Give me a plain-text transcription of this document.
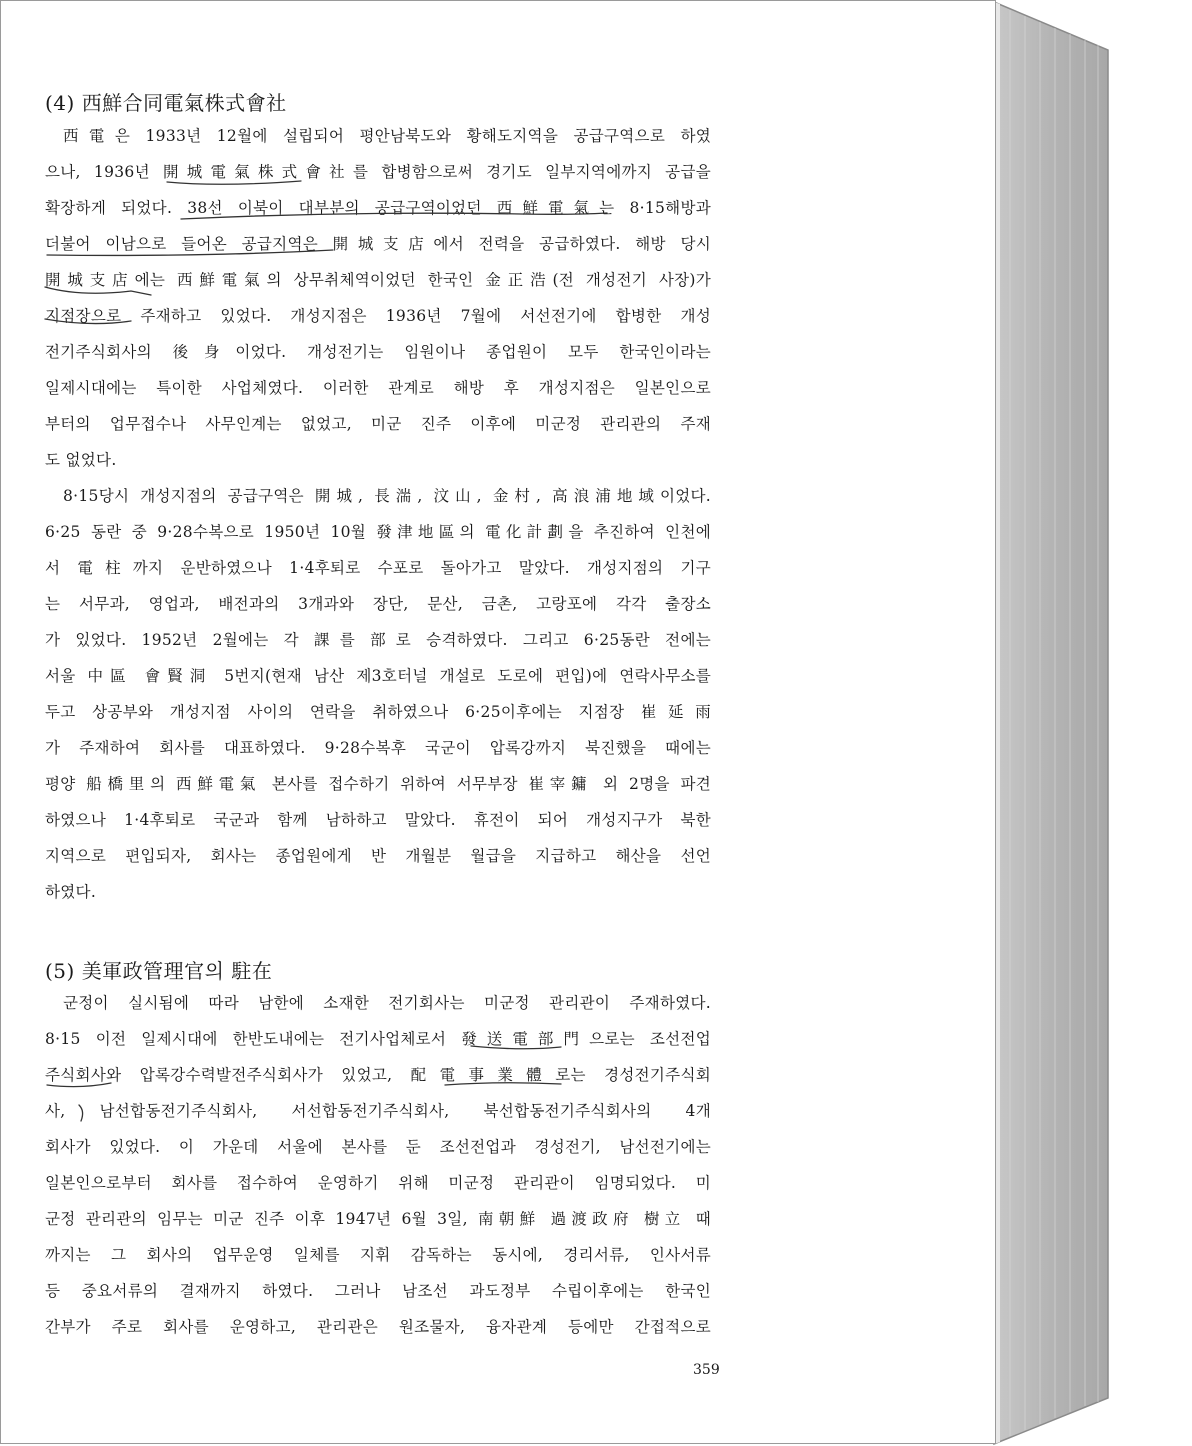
(4) 西鮮合同電氣株式會社
西電은 1933년 12월에 설립되어 평안남북도와 황해도지역을 공급구역으로 하였
으나, 1936년 開城電氣株式會社를 합병함으로써 경기도 일부지역에까지 공급을
확장하게 되었다. 38선 이북이 대부분의 공급구역이었던 西鮮電氣는 8·15해방과
더불어 이남으로 들어온 공급지역은 開城支店에서 전력을 공급하였다. 해방 당시
開城支店에는 西鮮電氣의 상무취체역이었던 한국인 金正浩(전 개성전기 사장)가
지점장으로 주재하고 있었다. 개성지점은 1936년 7월에 서선전기에 합병한 개성
전기주식회사의 後身이었다. 개성전기는 임원이나 종업원이 모두 한국인이라는
일제시대에는 특이한 사업체였다. 이러한 관계로 해방 후 개성지점은 일본인으로
부터의 업무접수나 사무인계는 없었고, 미군 진주 이후에 미군정 관리관의 주재
도 없었다.
8·15당시 개성지점의 공급구역은 開城, 長湍, 汶山, 金村, 高浪浦地域이었다.
6·25 동란 중 9·28수복으로 1950년 10월 發津地區의 電化計劃을 추진하여 인천에
서 電柱까지 운반하였으나 1·4후퇴로 수포로 돌아가고 말았다. 개성지점의 기구
는 서무과, 영업과, 배전과의 3개과와 장단, 문산, 금촌, 고랑포에 각각 출장소
가 있었다. 1952년 2월에는 각 課를 部로 승격하였다. 그리고 6·25동란 전에는
서울 中區 會賢洞 5번지(현재 남산 제3호터널 개설로 도로에 편입)에 연락사무소를
두고 상공부와 개성지점 사이의 연락을 취하였으나 6·25이후에는 지점장 崔延雨
가 주재하여 회사를 대표하였다. 9·28수복후 국군이 압록강까지 북진했을 때에는
평양 船橋里의 西鮮電氣 본사를 접수하기 위하여 서무부장 崔宰鏞 외 2명을 파견
하였으나 1·4후퇴로 국군과 함께 남하하고 말았다. 휴전이 되어 개성지구가 북한
지역으로 편입되자, 회사는 종업원에게 반 개월분 월급을 지급하고 해산을 선언
하였다.
(5) 美軍政管理官의 駐在
군정이 실시됨에 따라 남한에 소재한 전기회사는 미군정 관리관이 주재하였다.
8·15 이전 일제시대에 한반도내에는 전기사업체로서 發送電部門으로는 조선전업
주식회사와 압록강수력발전주식회사가 있었고, 配電事業體로는 경성전기주식회
사, 남선합동전기주식회사, 서선합동전기주식회사, 북선합동전기주식회사의 4개
회사가 있었다. 이 가운데 서울에 본사를 둔 조선전업과 경성전기, 남선전기에는
일본인으로부터 회사를 접수하여 운영하기 위해 미군정 관리관이 임명되었다. 미
군정 관리관의 임무는 미군 진주 이후 1947년 6월 3일, 南朝鮮 過渡政府 樹立 때
까지는 그 회사의 업무운영 일체를 지휘 감독하는 동시에, 경리서류, 인사서류
등 중요서류의 결재까지 하였다. 그러나 남조선 과도정부 수립이후에는 한국인
간부가 주로 회사를 운영하고, 관리관은 원조물자, 융자관계 등에만 간접적으로
359
